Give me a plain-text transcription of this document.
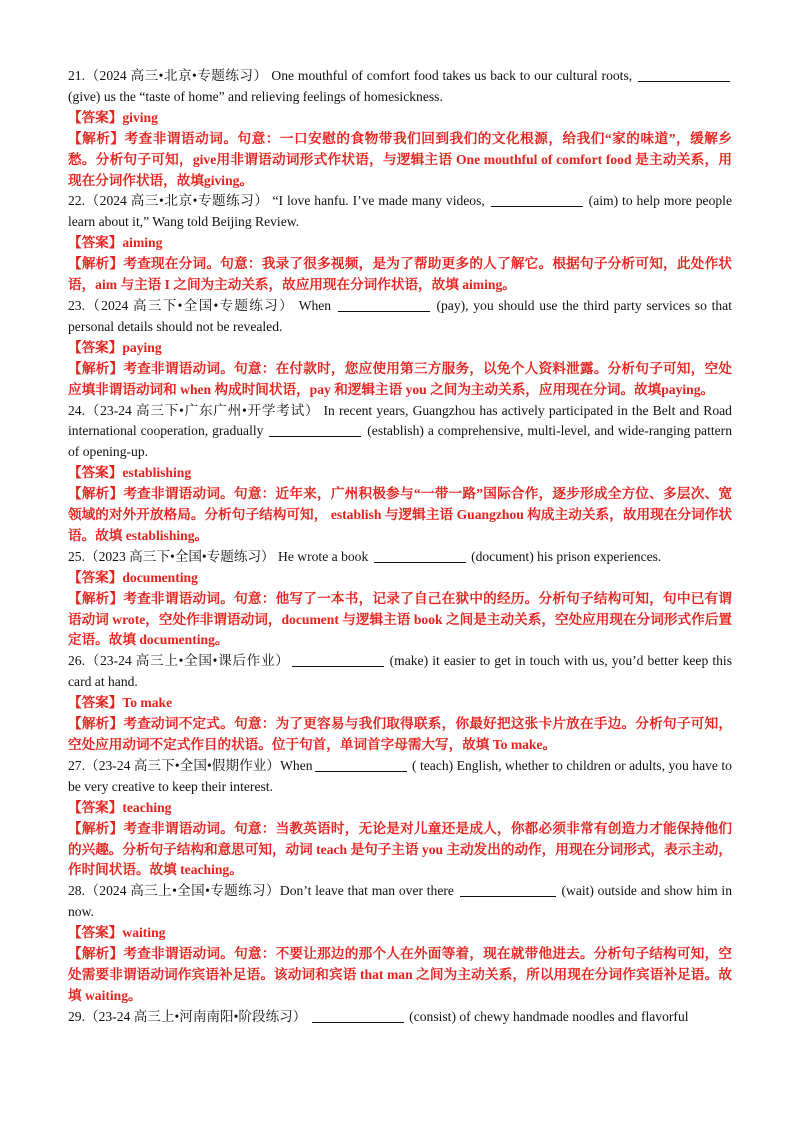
21.（2024 高三•北京•专题练习） One mouthful of comfort food takes us back to our cultural roots,  (give) us the “taste of home” and relieving feelings of homesickness.
【答案】giving
【解析】考查非谓语动词。句意：一口安慰的食物带我们回到我们的文化根源，给我们“家的味道”，缓解乡愁。分析句子可知，give用非谓语动词形式作状语，与逻辑主语 One mouthful of comfort food 是主动关系，用现在分词作状语，故填giving。
22.（2024 高三•北京•专题练习） “I love hanfu. I’ve made many videos,	(aim) to help more people learn about it,” Wang told Beijing Review.
【答案】aiming
【解析】考查现在分词。句意：我录了很多视频，是为了帮助更多的人了解它。根据句子分析可知，此处作状语，aim 与主语 I 之间为主动关系，故应用现在分词作状语，故填 aiming。
23.（2024 高三下•全国•专题练习） When	(pay), you should use the third party services so that personal details should not be revealed.
【答案】paying
【解析】考查非谓语动词。句意：在付款时，您应使用第三方服务，以免个人资料泄露。分析句子可知，空处应填非谓语动词和 when 构成时间状语，pay 和逻辑主语 you 之间为主动关系，应用现在分词。故填paying。
24.（23-24 高三下•广东广州•开学考试） In recent years, Guangzhou has actively participated in the Belt and Road international cooperation, gradually	(establish) a comprehensive, multi-level, and wide-ranging pattern of opening-up.
【答案】establishing
【解析】考查非谓语动词。句意：近年来，广州积极参与“一带一路”国际合作，逐步形成全方位、多层次、宽领域的对外开放格局。分析句子结构可知， establish 与逻辑主语 Guangzhou 构成主动关系，故用现在分词作状语。故填 establishing。
25.（2023 高三下•全国•专题练习） He wrote a book	(document) his prison experiences.
【答案】documenting
【解析】考查非谓语动词。句意：他写了一本书，记录了自己在狱中的经历。分析句子结构可知，句中已有谓语动词 wrote，空处作非谓语动词，document 与逻辑主语 book 之间是主动关系，空处应用现在分词形式作后置定语。故填 documenting。
26.（23-24 高三上•全国•课后作业）	(make) it easier to get in touch with us, you’d better keep this card at hand.
【答案】To make
【解析】考查动词不定式。句意：为了更容易与我们取得联系，你最好把这张卡片放在手边。分析句子可知，空处应用动词不定式作目的状语。位于句首，单词首字母需大写，故填 To make。
27.（23-24 高三下•全国•假期作业）When	( teach) English, whether to children or adults, you have to be very creative to keep their interest.
【答案】teaching
【解析】考查非谓语动词。句意：当教英语时，无论是对儿童还是成人，你都必须非常有创造力才能保持他们的兴趣。分析句子结构和意思可知，动词 teach 是句子主语 you 主动发出的动作，用现在分词形式，表示主动，作时间状语。故填 teaching。
28.（2024 高三上•全国•专题练习）Don’t leave that man over there	(wait) outside and show him in now.
【答案】waiting
【解析】考查非谓语动词。句意：不要让那边的那个人在外面等着，现在就带他进去。分析句子结构可知，空处需要非谓语动词作宾语补足语。该动词和宾语 that man 之间为主动关系，所以用现在分词作宾语补足语。故填 waiting。
29.（23-24 高三上•河南南阳•阶段练习）	(consist) of chewy handmade noodles and flavorful
